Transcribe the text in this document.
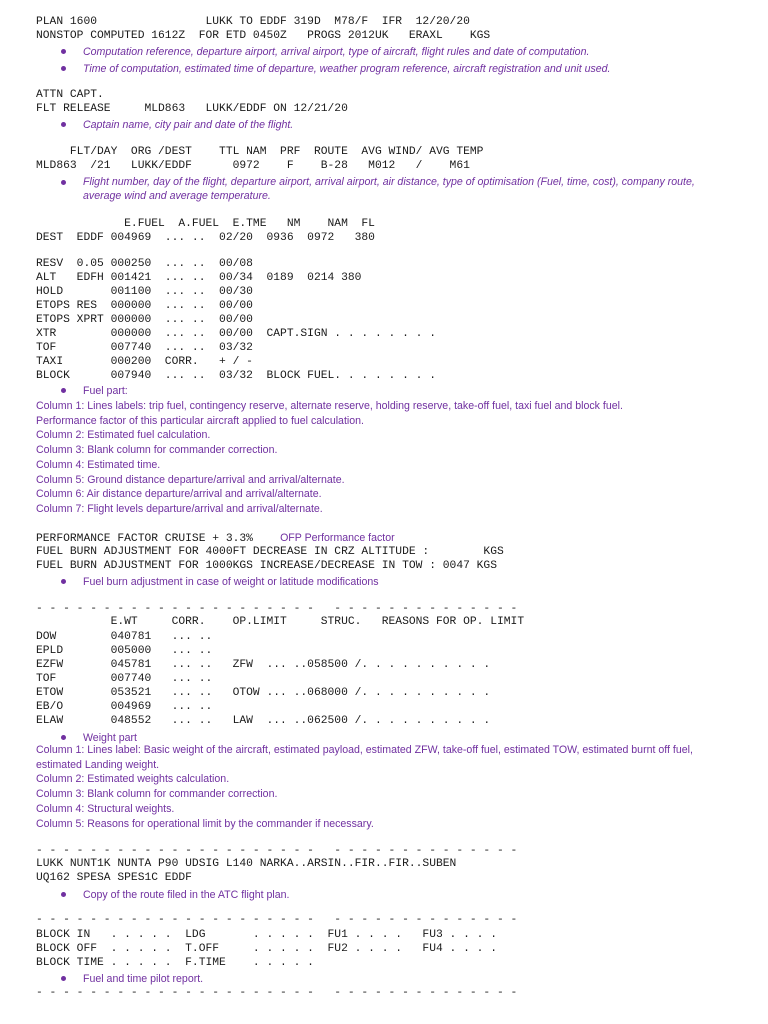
PLAN 1600                LUKK TO EDDF 319D  M78/F  IFR  12/20/20
NONSTOP COMPUTED 1612Z  FOR ETD 0450Z   PROGS 2012UK   ERAXL    KGS
Computation reference, departure airport, arrival airport, type of aircraft, flight rules and date of computation.
Time of computation, estimated time of departure, weather program reference, aircraft registration and unit used.
ATTN CAPT.
FLT RELEASE     MLD863   LUKK/EDDF ON 12/21/20
Captain name, city pair and date of the flight.
FLT/DAY  ORG /DEST    TTL NAM  PRF  ROUTE  AVG WIND/ AVG TEMP
MLD863  /21   LUKK/EDDF      0972    F    B-28   M012   /    M61
Flight number, day of the flight, departure airport, arrival airport, air distance, type of optimisation (Fuel, time, cost), company route, average wind and average temperature.
E.FUEL  A.FUEL  E.TME   NM    NAM  FL
DEST  EDDF 004969  ... ..  02/20  0936  0972   380
RESV  0.05 000250  ... ..  00/08
ALT   EDFH 001421  ... ..  00/34  0189  0214 380
HOLD       001100  ... ..  00/30
ETOPS RES  000000  ... ..  00/00
ETOPS XPRT 000000  ... ..  00/00
XTR        000000  ... ..  00/00  CAPT.SIGN . . . . . . . .
TOF        007740  ... ..  03/32
TAXI       000200  CORR.   + / -
BLOCK      007940  ... ..  03/32  BLOCK FUEL. . . . . . . .
Fuel part:
Column 1: Lines labels: trip fuel, contingency reserve, alternate reserve, holding reserve, take-off fuel, taxi fuel and block fuel.
Performance factor of this particular aircraft applied to fuel calculation.
Column 2: Estimated fuel calculation.
Column 3: Blank column for commander correction.
Column 4: Estimated time.
Column 5: Ground distance departure/arrival and arrival/alternate.
Column 6: Air distance departure/arrival and arrival/alternate.
Column 7: Flight levels departure/arrival and arrival/alternate.
PERFORMANCE FACTOR CRUISE + 3.3%	OFP Performance factor
FUEL BURN ADJUSTMENT FOR 4000FT DECREASE IN CRZ ALTITUDE :        KGS
FUEL BURN ADJUSTMENT FOR 1000KGS INCREASE/DECREASE IN TOW : 0047 KGS
Fuel burn adjustment in case of weight or latitude modifications
- - - - - - - - - - - - - - - - - - - - -   - - - - - - - - - - - - - -
E.WT     CORR.    OP.LIMIT     STRUC.   REASONS FOR OP. LIMIT
DOW        040781   ... ..
EPLD       005000   ... ..
EZFW       045781   ... ..   ZFW  ... ..058500 /. . . . . . . . . .
TOF        007740   ... ..
ETOW       053521   ... ..   OTOW ... ..068000 /. . . . . . . . . .
EB/O       004969   ... ..
ELAW       048552   ... ..   LAW  ... ..062500 /. . . . . . . . . .
Weight part
Column 1: Lines label: Basic weight of the aircraft, estimated payload, estimated ZFW, take-off fuel, estimated TOW, estimated burnt off fuel, estimated Landing weight.
Column 2: Estimated weights calculation.
Column 3: Blank column for commander correction.
Column 4: Structural weights.
Column 5: Reasons for operational limit by the commander if necessary.
- - - - - - - - - - - - - - - - - - - - -   - - - - - - - - - - - - - -
LUKK NUNT1K NUNTA P90 UDSIG L140 NARKA..ARSIN..FIR..FIR..SUBEN
UQ162 SPESA SPES1C EDDF
Copy of the route filed in the ATC flight plan.
- - - - - - - - - - - - - - - - - - - - -   - - - - - - - - - - - - - -
BLOCK IN   . . . . .  LDG       . . . . .  FU1 . . . .   FU3 . . . .
BLOCK OFF  . . . . .  T.OFF     . . . . .  FU2 . . . .   FU4 . . . .
BLOCK TIME . . . . .  F.TIME    . . . . .
Fuel and time pilot report.
- - - - - - - - - - - - - - - - - - - - -   - - - - - - - - - - - - - -
